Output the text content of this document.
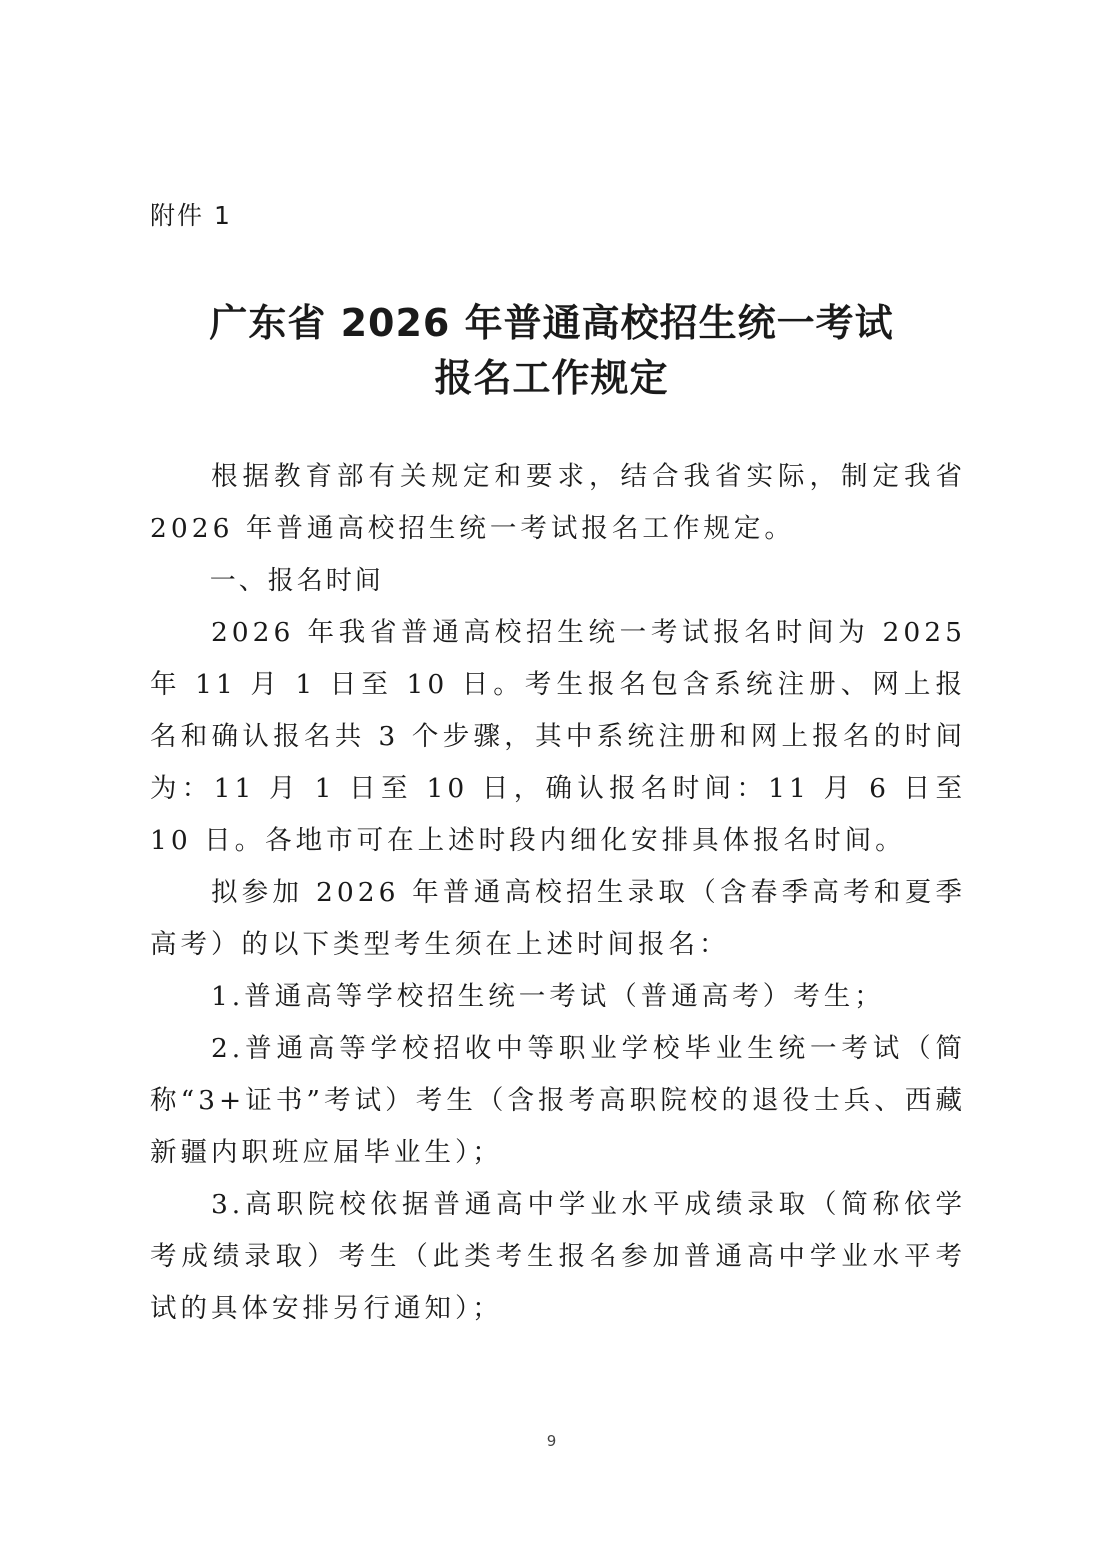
附件 1
广东省 2026 年普通高校招生统一考试
报名工作规定

根据教育部有关规定和要求，结合我省实际，制定我省 2026 年普通高校招生统一考试报名工作规定。

一、报名时间

2026 年我省普通高校招生统一考试报名时间为 2025 年 11 月 1 日至 10 日。考生报名包含系统注册、网上报名和确认报名共 3 个步骤，其中系统注册和网上报名的时间为：11 月 1 日至 10 日，确认报名时间：11 月 6 日至 10 日。各地市可在上述时段内细化安排具体报名时间。

拟参加 2026 年普通高校招生录取（含春季高考和夏季高考）的以下类型考生须在上述时间报名：

1.普通高等学校招生统一考试（普通高考）考生；

2.普通高等学校招收中等职业学校毕业生统一考试（简称“3+证书”考试）考生（含报考高职院校的退役士兵、西藏新疆内职班应届毕业生）；

3.高职院校依据普通高中学业水平成绩录取（简称依学考成绩录取）考生（此类考生报名参加普通高中学业水平考试的具体安排另行通知）；

9
